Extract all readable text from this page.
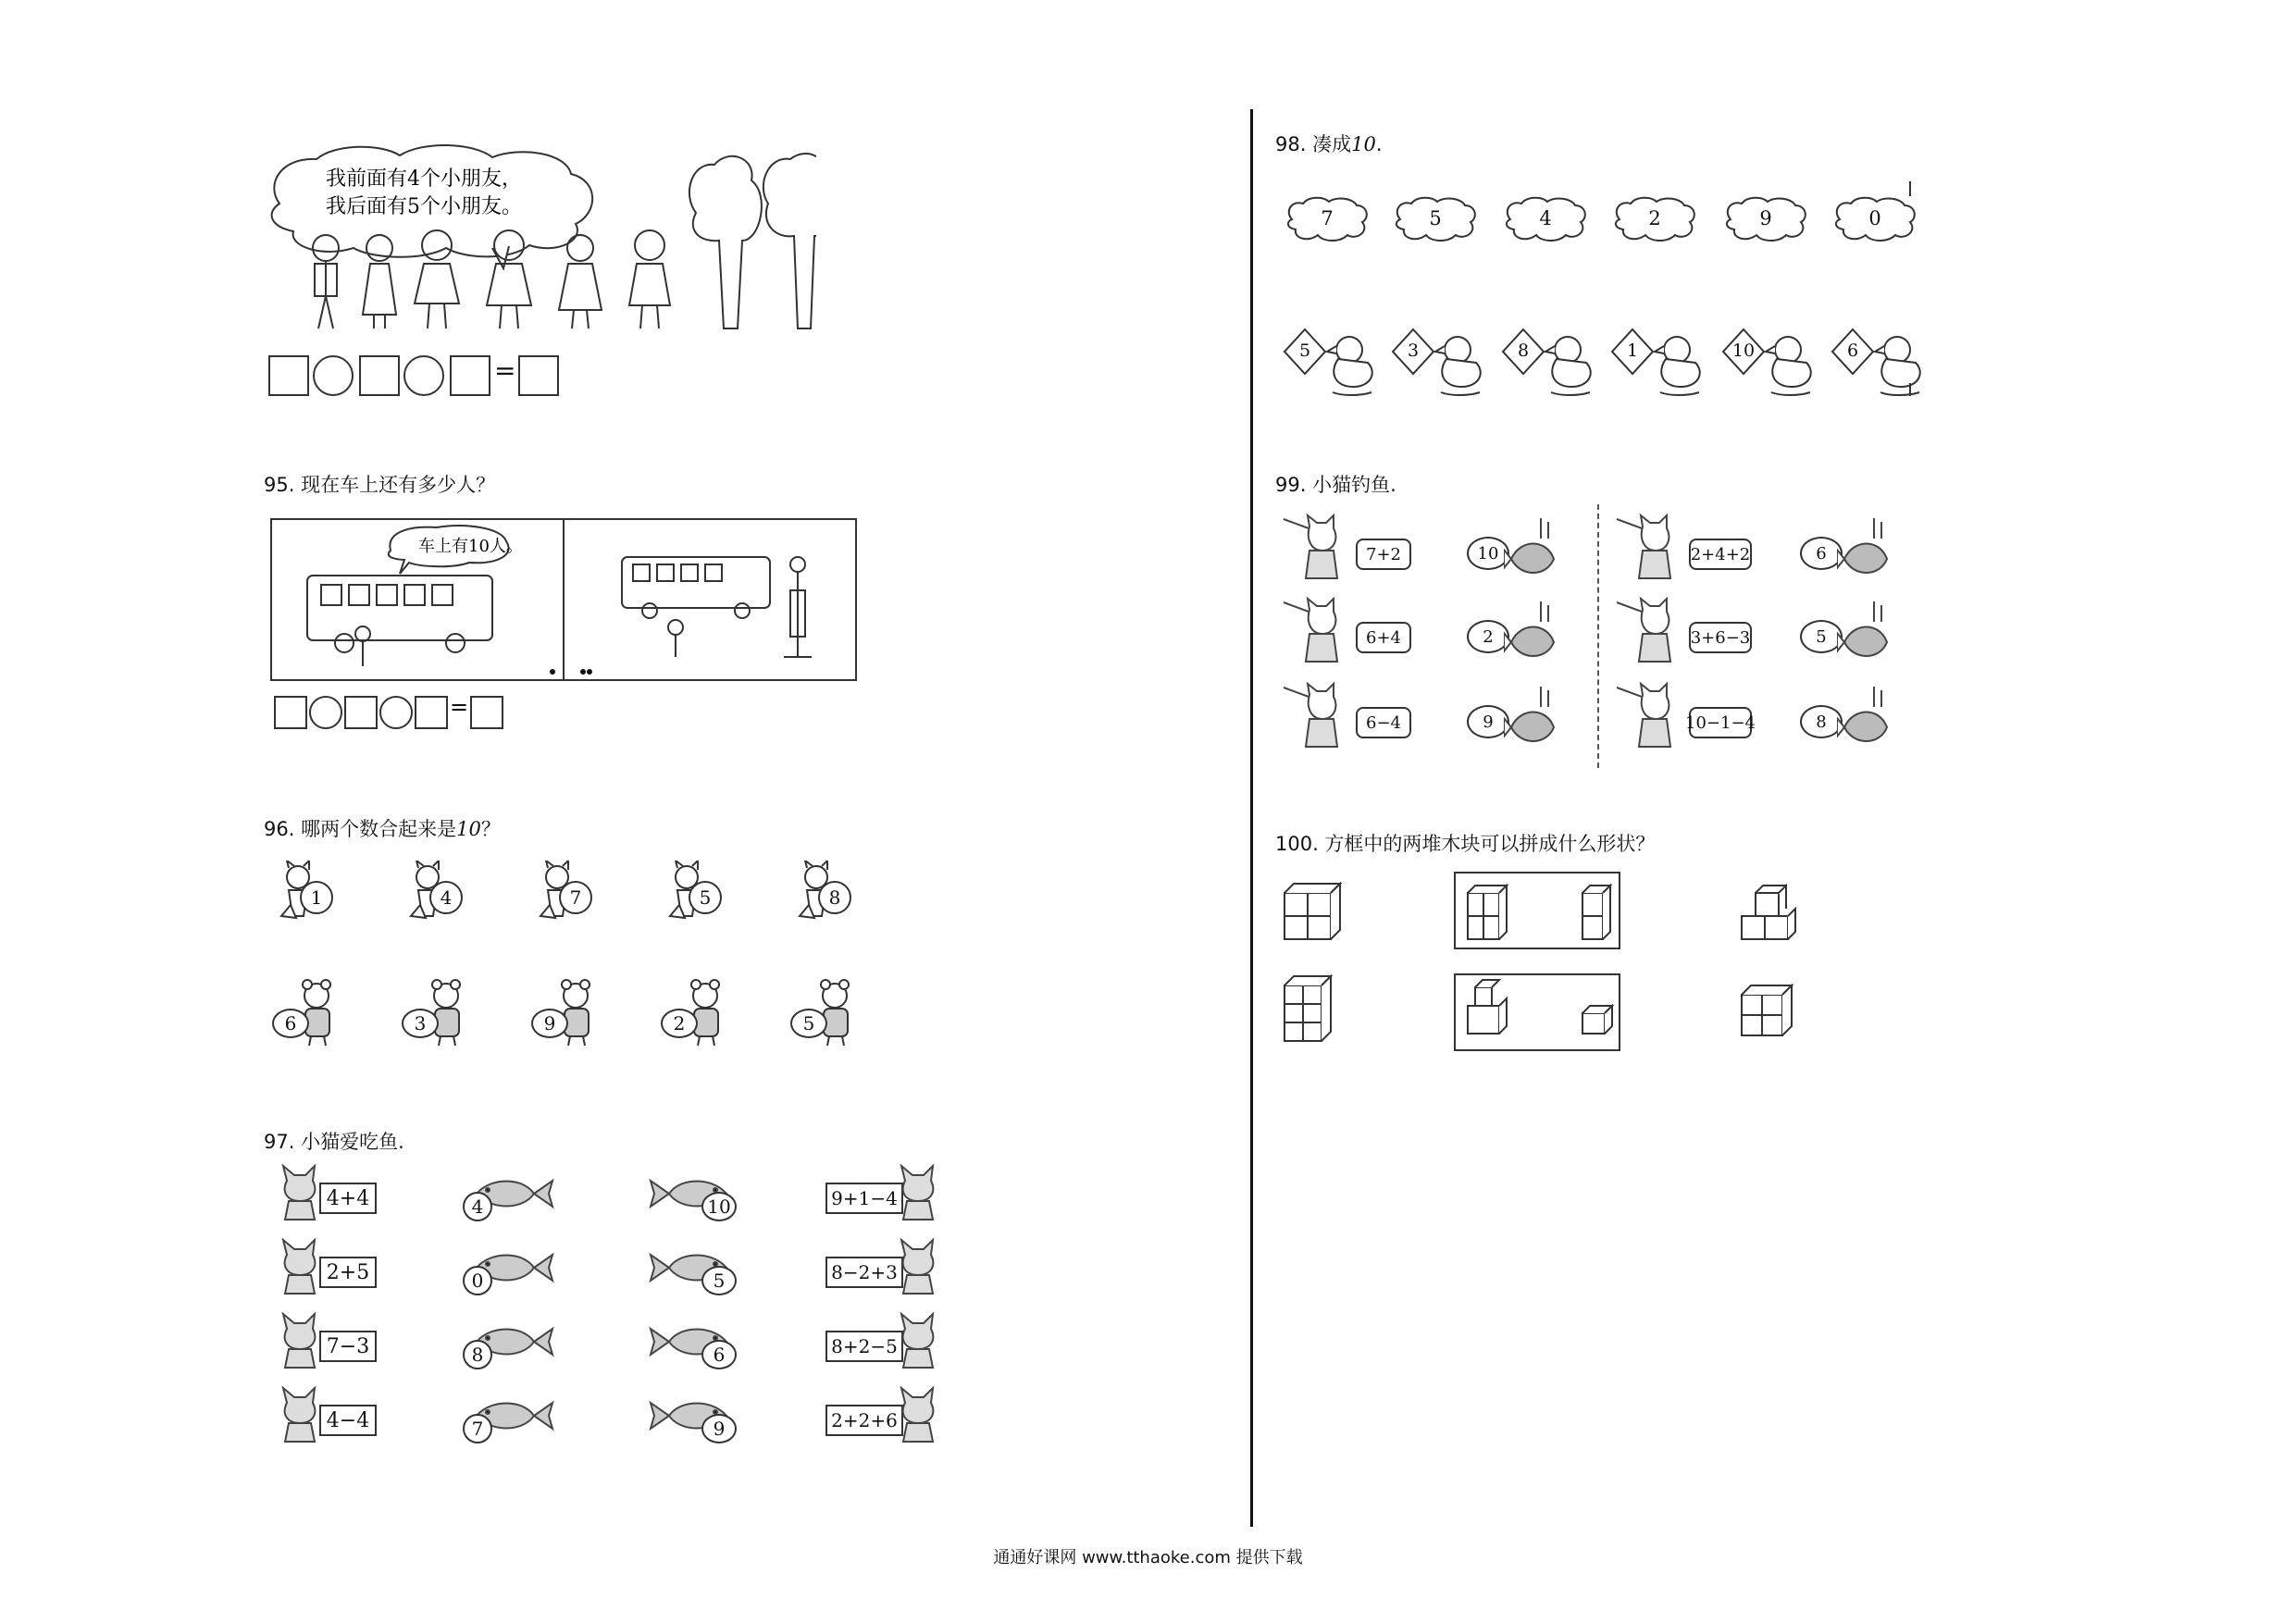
我前面有4个小朋友，
我后面有5个小朋友。
=
95. 现在车上还有多少人？
车上有10人。
=
96. 哪两个数合起来是10？
1	4	7	5	8
6	3	9	2	5
97. 小猫爱吃鱼.
4+4	4	10	9+1−4
2+5	0	5	8−2+3
7−3	8	6	8+2−5
4−4	7	9	2+2+6
98. 凑成10.
7	5	4	2	9	0
5	3	8	1	10	6
99. 小猫钓鱼.
7+2	10
6+4	2
6−4	9
2+4+2	6
3+6−3	5
10−1−4	8
100. 方框中的两堆木块可以拼成什么形状？
通通好课网 www.tthaoke.com 提供下载
